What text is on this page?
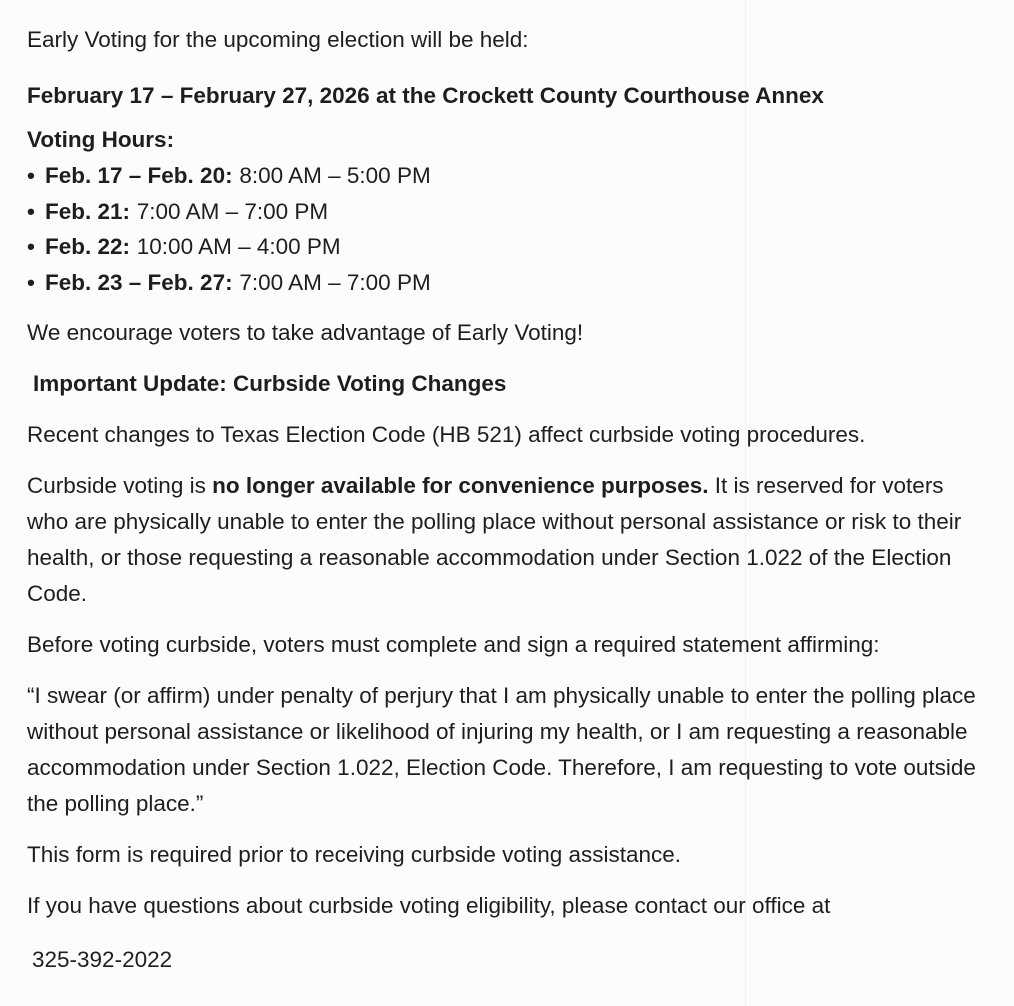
Early Voting for the upcoming election will be held:

February 17 – February 27, 2026 at the Crockett County Courthouse Annex

Voting Hours:

• Feb. 17 – Feb. 20: 8:00 AM – 5:00 PM
• Feb. 21: 7:00 AM – 7:00 PM
• Feb. 22: 10:00 AM – 4:00 PM
• Feb. 23 – Feb. 27: 7:00 AM – 7:00 PM

We encourage voters to take advantage of Early Voting!

Important Update: Curbside Voting Changes

Recent changes to Texas Election Code (HB 521) affect curbside voting procedures.

Curbside voting is no longer available for convenience purposes. It is reserved for voters who are physically unable to enter the polling place without personal assistance or risk to their health, or those requesting a reasonable accommodation under Section 1.022 of the Election Code.

Before voting curbside, voters must complete and sign a required statement affirming:

“I swear (or affirm) under penalty of perjury that I am physically unable to enter the polling place without personal assistance or likelihood of injuring my health, or I am requesting a reasonable accommodation under Section 1.022, Election Code. Therefore, I am requesting to vote outside the polling place.”

This form is required prior to receiving curbside voting assistance.

If you have questions about curbside voting eligibility, please contact our office at

325-392-2022
